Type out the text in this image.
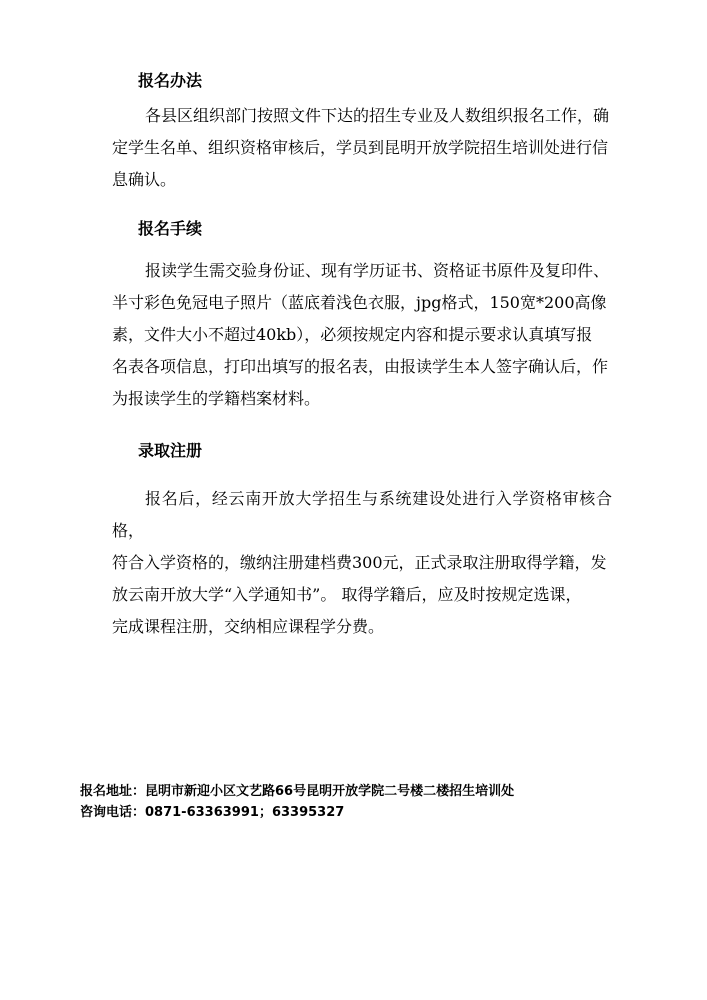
报名办法
各县区组织部门按照文件下达的招生专业及人数组织报名工作，确
定学生名单、组织资格审核后，学员到昆明开放学院招生培训处进行信
息确认。
报名手续
报读学生需交验身份证、现有学历证书、资格证书原件及复印件、
半寸彩色免冠电子照片（蓝底着浅色衣服，jpg格式，150宽*200高像
素，文件大小不超过40kb），必须按规定内容和提示要求认真填写报
名表各项信息，打印出填写的报名表，由报读学生本人签字确认后，作
为报读学生的学籍档案材料。
录取注册
报名后，经云南开放大学招生与系统建设处进行入学资格审核合格，
符合入学资格的，缴纳注册建档费300元，正式录取注册取得学籍，发
放云南开放大学“入学通知书”。 取得学籍后，应及时按规定选课，
完成课程注册，交纳相应课程学分费。

报名地址：昆明市新迎小区文艺路66号昆明开放学院二号楼二楼招生培训处

咨询电话：0871-63363991；63395327
